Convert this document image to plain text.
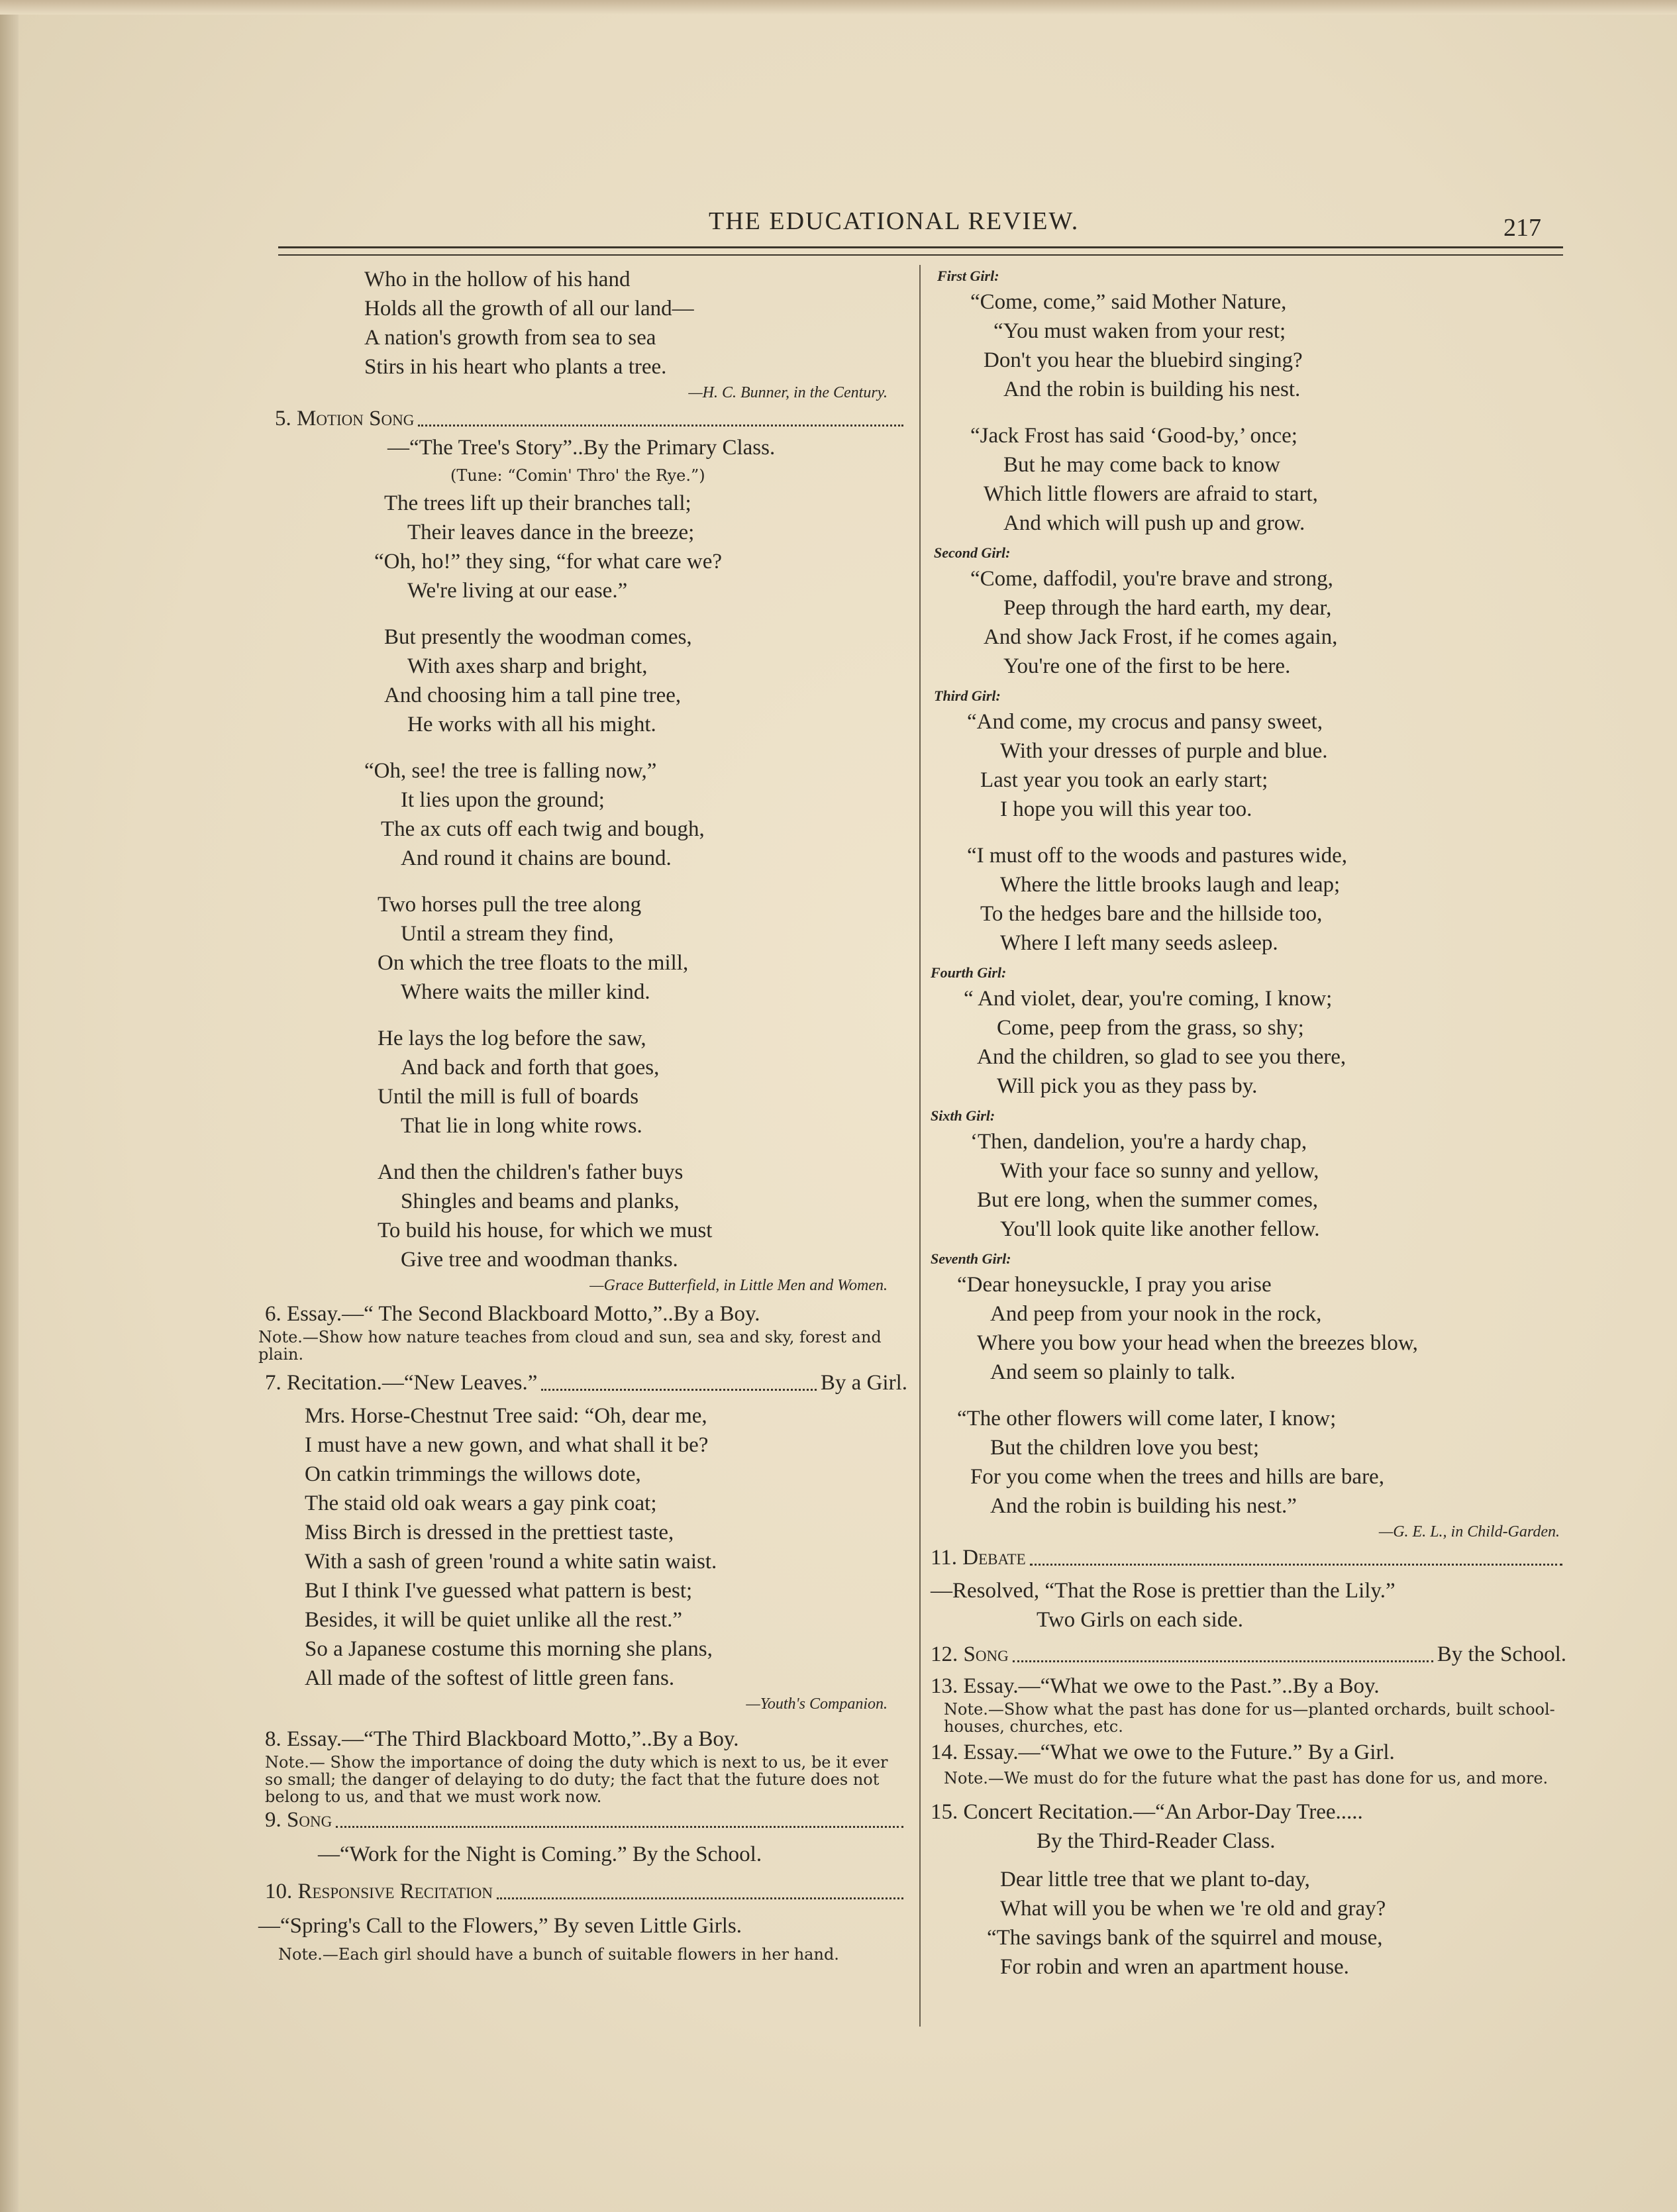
THE EDUCATIONAL REVIEW.	217
Who in the hollow of his hand
Holds all the growth of all our land—
A nation's growth from sea to sea
Stirs in his heart who plants a tree.
—H. C. Bunner, in the Century.
5. Motion Song
—“The Tree's Story”..By the Primary Class.
(Tune: “Comin' Thro' the Rye.”)
The trees lift up their branches tall;
Their leaves dance in the breeze;
“Oh, ho!” they sing, “for what care we?
We're living at our ease.”
But presently the woodman comes,
With axes sharp and bright,
And choosing him a tall pine tree,
He works with all his might.
“Oh, see! the tree is falling now,”
It lies upon the ground;
The ax cuts off each twig and bough,
And round it chains are bound.
Two horses pull the tree along
Until a stream they find,
On which the tree floats to the mill,
Where waits the miller kind.
He lays the log before the saw,
And back and forth that goes,
Until the mill is full of boards
That lie in long white rows.
And then the children's father buys
Shingles and beams and planks,
To build his house, for which we must
Give tree and woodman thanks.
—Grace Butterfield, in Little Men and Women.
6. Essay.—“ The Second Blackboard Motto,”..By a Boy.
Note.—Show how nature teaches from cloud and sun, sea and sky, forest and plain.
7. Recitation.—“New Leaves.”	By a Girl.
Mrs. Horse-Chestnut Tree said: “Oh, dear me,
I must have a new gown, and what shall it be?
On catkin trimmings the willows dote,
The staid old oak wears a gay pink coat;
Miss Birch is dressed in the prettiest taste,
With a sash of green 'round a white satin waist.
But I think I've guessed what pattern is best;
Besides, it will be quiet unlike all the rest.”
So a Japanese costume this morning she plans,
All made of the softest of little green fans.
—Youth's Companion.
8. Essay.—“The Third Blackboard Motto,”..By a Boy.
Note.— Show the importance of doing the duty which is next to us, be it ever so small; the danger of delaying to do duty; the fact that the future does not belong to us, and that we must work now.
9. Song
—“Work for the Night is Coming.” By the School.
10. Responsive Recitation
—“Spring's Call to the Flowers,” By seven Little Girls.
Note.—Each girl should have a bunch of suitable flowers in her hand.
First Girl:
“Come, come,” said Mother Nature,
“You must waken from your rest;
Don't you hear the bluebird singing?
And the robin is building his nest.
“Jack Frost has said ‘Good-by,’ once;
But he may come back to know
Which little flowers are afraid to start,
And which will push up and grow.
Second Girl:
“Come, daffodil, you're brave and strong,
Peep through the hard earth, my dear,
And show Jack Frost, if he comes again,
You're one of the first to be here.
Third Girl:
“And come, my crocus and pansy sweet,
With your dresses of purple and blue.
Last year you took an early start;
I hope you will this year too.
“I must off to the woods and pastures wide,
Where the little brooks laugh and leap;
To the hedges bare and the hillside too,
Where I left many seeds asleep.
Fourth Girl:
“ And violet, dear, you're coming, I know;
Come, peep from the grass, so shy;
And the children, so glad to see you there,
Will pick you as they pass by.
Sixth Girl:
‘Then, dandelion, you're a hardy chap,
With your face so sunny and yellow,
But ere long, when the summer comes,
You'll look quite like another fellow.
Seventh Girl:
“Dear honeysuckle, I pray you arise
And peep from your nook in the rock,
Where you bow your head when the breezes blow,
And seem so plainly to talk.
“The other flowers will come later, I know;
But the children love you best;
For you come when the trees and hills are bare,
And the robin is building his nest.”
—G. E. L., in Child-Garden.
11. Debate
—Resolved, “That the Rose is prettier than the Lily.”
Two Girls on each side.
12. Song	By the School.
13. Essay.—“What we owe to the Past.”..By a Boy.
Note.—Show what the past has done for us—planted orchards, built school-houses, churches, etc.
14. Essay.—“What we owe to the Future.” By a Girl.
Note.—We must do for the future what the past has done for us, and more.
15. Concert Recitation.—“An Arbor-Day Tree.....
By the Third-Reader Class.
Dear little tree that we plant to-day,
What will you be when we 're old and gray?
“The savings bank of the squirrel and mouse,
For robin and wren an apartment house.
